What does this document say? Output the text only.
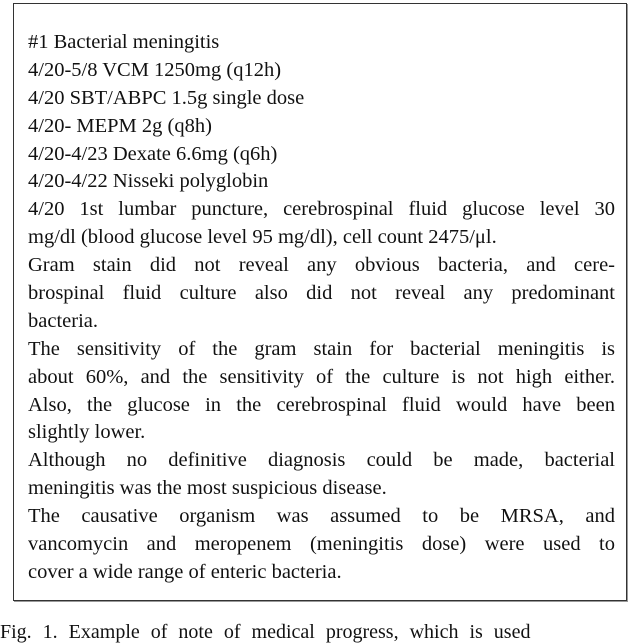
#1 Bacterial meningitis
4/20-5/8 VCM 1250mg (q12h)
4/20 SBT/ABPC 1.5g single dose
4/20- MEPM 2g (q8h)
4/20-4/23 Dexate 6.6mg (q6h)
4/20-4/22 Nisseki polyglobin
4/20 1st lumbar puncture, cerebrospinal fluid glucose level 30
mg/dl (blood glucose level 95 mg/dl), cell count 2475/μl.
Gram stain did not reveal any obvious bacteria, and cere-
brospinal fluid culture also did not reveal any predominant
bacteria.
The sensitivity of the gram stain for bacterial meningitis is
about 60%, and the sensitivity of the culture is not high either.
Also, the glucose in the cerebrospinal fluid would have been
slightly lower.
Although no definitive diagnosis could be made, bacterial
meningitis was the most suspicious disease.
The causative organism was assumed to be MRSA, and
vancomycin and meropenem (meningitis dose) were used to
cover a wide range of enteric bacteria.
Fig. 1. Example of note of medical progress, which is used
